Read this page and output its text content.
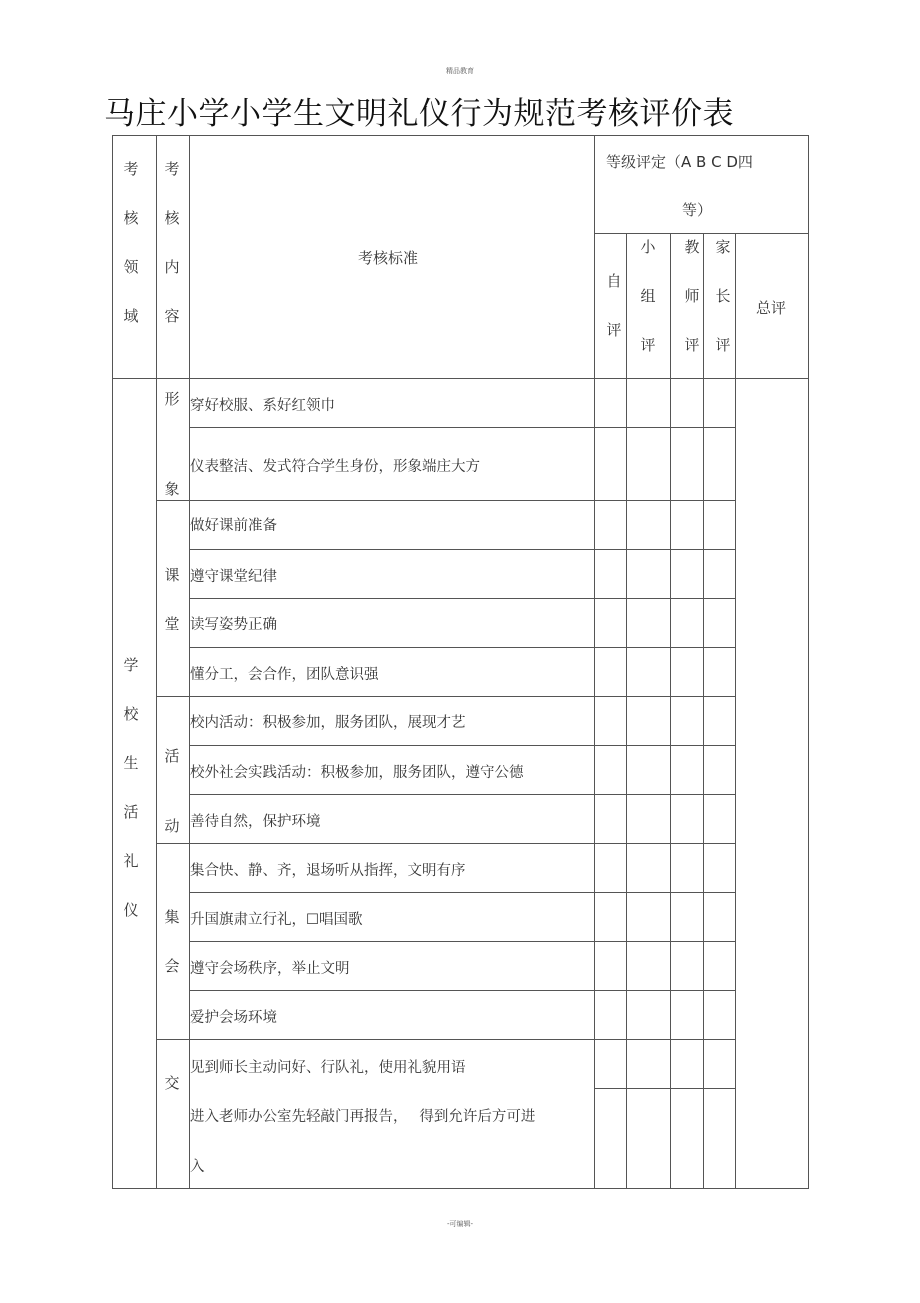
精品教育
马庄小学小学生文明礼仪行为规范考核评价表
考
核
领
域
考
核
内
容
考核标准
等级评定（A B C D四
等）
自
评
小
组
评
教
师
评
家
长
评
总评
学
校
生
活
礼
仪
形
象
课
堂
活
动
集
会
交
穿好校服、系好红领巾
仪表整洁、发式符合学生身份，形象端庄大方
做好课前准备
遵守课堂纪律
读写姿势正确
懂分工，会合作，团队意识强
校内活动：积极参加，服务团队，展现才艺
校外社会实践活动：积极参加，服务团队，遵守公德
善待自然，保护环境
集合快、静、齐，退场听从指挥，文明有序
升国旗肃立行礼，☐唱国歌
遵守会场秩序，举止文明
爱护会场环境
见到师长主动问好、行队礼，使用礼貌用语
进入老师办公室先轻敲门再报告，　 得到允许后方可进
入
-可编辑-
